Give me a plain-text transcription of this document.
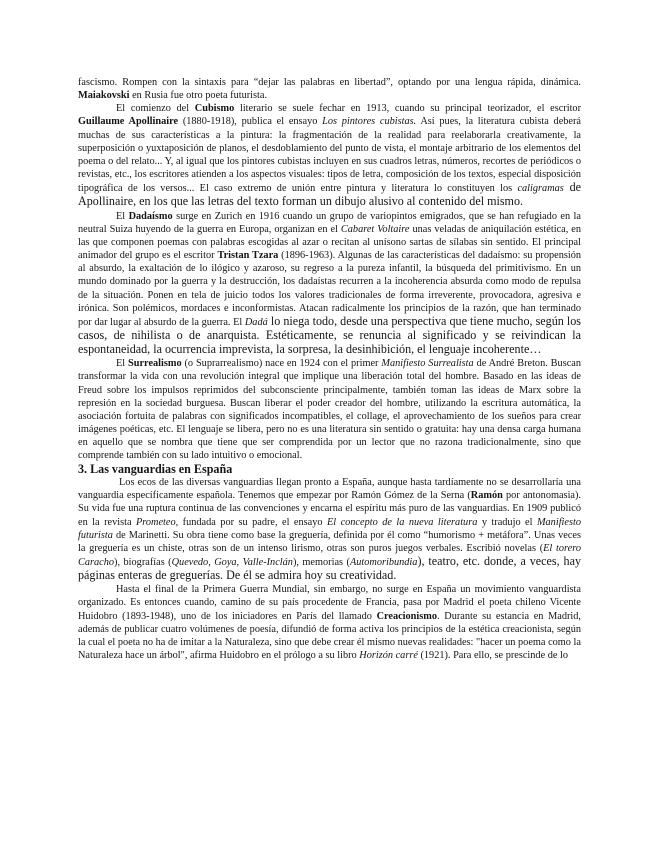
fascismo. Rompen con la sintaxis para “dejar las palabras en libertad”, optando por una lengua rápida, dinámica. Maiakovski en Rusia fue otro poeta futurista.

El comienzo del Cubismo literario se suele fechar en 1913, cuando su principal teorizador, el escritor Guillaume Apollinaire (1880-1918), publica el ensayo Los pintores cubistas. Así pues, la literatura cubista deberá muchas de sus características a la pintura: la fragmentación de la realidad para reelaborarla creativamente, la superposición o yuxtaposición de planos, el desdoblamiento del punto de vista, el montaje arbitrario de los elementos del poema o del relato... Y, al igual que los pintores cubistas incluyen en sus cuadros letras, números, recortes de periódicos o revistas, etc., los escritores atienden a los aspectos visuales: tipos de letra, composición de los textos, especial disposición tipográfica de los versos... El caso extremo de unión entre pintura y literatura lo constituyen los caligramas de Apollinaire, en los que las letras del texto forman un dibujo alusivo al contenido del mismo.

El Dadaísmo surge en Zurich en 1916 cuando un grupo de variopintos emigrados, que se han refugiado en la neutral Suiza huyendo de la guerra en Europa, organizan en el Cabaret Voltaire unas veladas de aniquilación estética, en las que componen poemas con palabras escogidas al azar o recitan al unísono sartas de sílabas sin sentido. El principal animador del grupo es el escritor Tristan Tzara (1896-1963). Algunas de las características del dadaísmo: su propensión al absurdo, la exaltación de lo ilógico y azaroso, su regreso a la pureza infantil, la búsqueda del primitivismo. En un mundo dominado por la guerra y la destrucción, los dadaístas recurren a la incoherencia absurda como modo de repulsa de la situación. Ponen en tela de juicio todos los valores tradicionales de forma irreverente, provocadora, agresiva e irónica. Son polémicos, mordaces e inconformistas. Atacan radicalmente los principios de la razón, que han terminado por dar lugar al absurdo de la guerra. El Dadá lo niega todo, desde una perspectiva que tiene mucho, según los casos, de nihilista o de anarquista. Estéticamente, se renuncia al significado y se reivindican la espontaneidad, la ocurrencia imprevista, la sorpresa, la desinhibición, el lenguaje incoherente…

El Surrealismo (o Suprarrealismo) nace en 1924 con el primer Manifiesto Surrealista de André Breton. Buscan transformar la vida con una revolución integral que implique una liberación total del hombre. Basado en las ideas de Freud sobre los impulsos reprimidos del subconsciente principalmente, también toman las ideas de Marx sobre la represión en la sociedad burguesa. Buscan liberar el poder creador del hombre, utilizando la escritura automática, la asociación fortuita de palabras con significados incompatibles, el collage, el aprovechamiento de los sueños para crear imágenes poéticas, etc. El lenguaje se libera, pero no es una literatura sin sentido o gratuita: hay una densa carga humana en aquello que se nombra que tiene que ser comprendida por un lector que no razona tradicionalmente, sino que comprende también con su lado intuitivo o emocional.

3. Las vanguardias en España

Los ecos de las diversas vanguardias llegan pronto a España, aunque hasta tardíamente no se desarrollaría una vanguardia específicamente española. Tenemos que empezar por Ramón Gómez de la Serna (Ramón por antonomasia). Su vida fue una ruptura continua de las convenciones y encarna el espíritu más puro de las vanguardias. En 1909 publicó en la revista Prometeo, fundada por su padre, el ensayo El concepto de la nueva literatura y tradujo el Manifiesto futurista de Marinetti. Su obra tiene como base la greguería, definida por él como “humorismo + metáfora”. Unas veces la greguería es un chiste, otras son de un intenso lirismo, otras son puros juegos verbales. Escribió novelas (El torero Caracho), biografías (Quevedo, Goya, Valle-Inclán), memorias (Automoribundia), teatro, etc. donde, a veces, hay páginas enteras de greguerías. De él se admira hoy su creatividad.

Hasta el final de la Primera Guerra Mundial, sin embargo, no surge en España un movimiento vanguardista organizado. Es entonces cuando, camino de su país procedente de Francia, pasa por Madrid el poeta chileno Vicente Huidobro (1893-1948), uno de los iniciadores en París del llamado Creacionismo. Durante su estancia en Madrid, además de publicar cuatro volúmenes de poesía, difundió de forma activa los principios de la estética creacionista, según la cual el poeta no ha de imitar a la Naturaleza, sino que debe crear él mismo nuevas realidades: "hacer un poema como la Naturaleza hace un árbol", afirma Huidobro en el prólogo a su libro Horizón carré (1921). Para ello, se prescinde de lo
